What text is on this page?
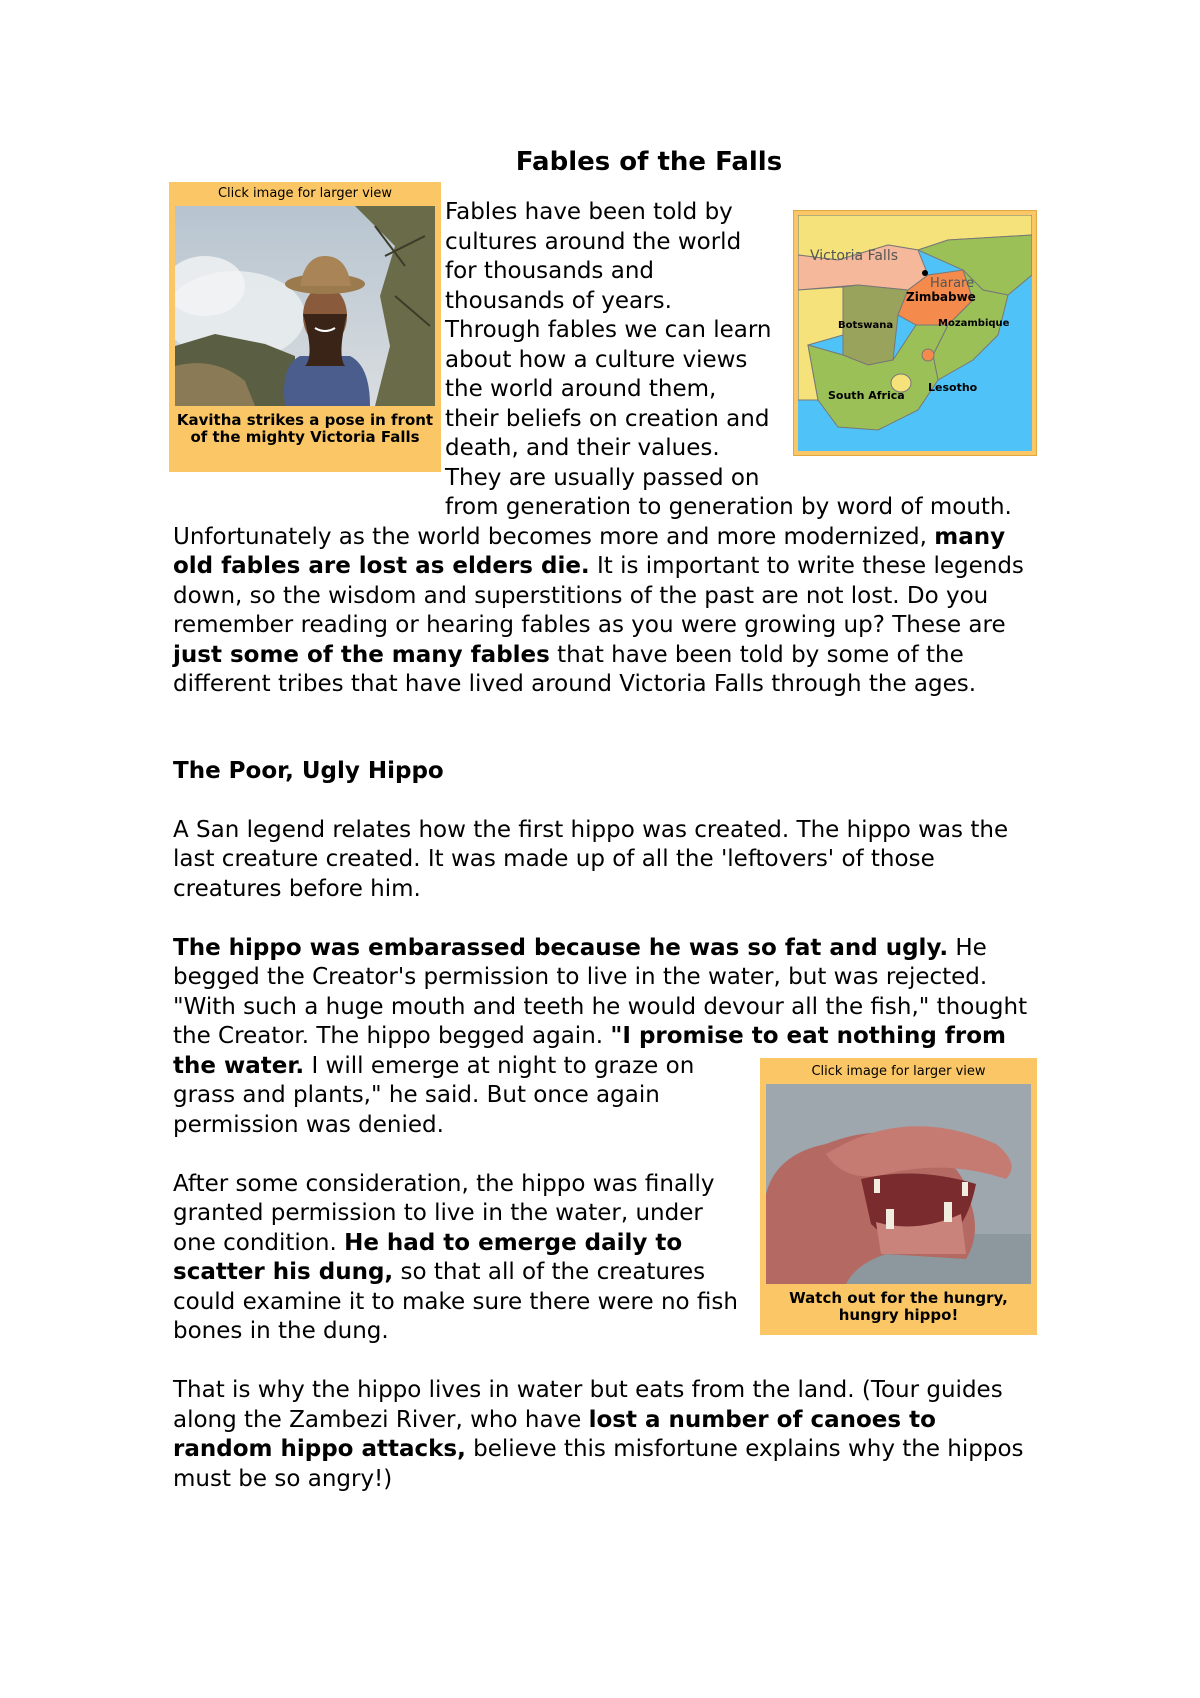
Fables of the Falls
Click image for larger view
Kavitha strikes a pose in front of the mighty Victoria Falls
Victoria Falls
Harare
Zimbabwe
Botswana	Mozambique
South Africa
Lesotho

Fables have been told by cultures around the world for thousands and thousands of years. Through fables we can learn about how a culture views the world around them, their beliefs on creation and death, and their values. They are usually passed on from generation to generation by word of mouth. Unfortunately as the world becomes more and more modernized, many old fables are lost as elders die. It is important to write these legends down, so the wisdom and superstitions of the past are not lost. Do you remember reading or hearing fables as you were growing up? These are just some of the many fables that have been told by some of the different tribes that have lived around Victoria Falls through the ages.

The Poor, Ugly Hippo

A San legend relates how the first hippo was created. The hippo was the last creature created. It was made up of all the 'leftovers' of those creatures before him.

The hippo was embarassed because he was so fat and ugly. He begged the Creator's permission to live in the water, but was rejected. "With such a huge mouth and teeth he would devour all the fish," thought the Creator. The hippo begged again. "I promise to eat nothing from the water.	Click image for larger view
Watch out for the hungry, hungry hippo!
I will emerge at night to graze on grass and plants," he said. But once again permission was denied.

After some consideration, the hippo was finally granted permission to live in the water, under one condition. He had to emerge daily to scatter his dung, so that all of the creatures could examine it to make sure there were no fish bones in the dung.

That is why the hippo lives in water but eats from the land. (Tour guides along the Zambezi River, who have lost a number of canoes to random hippo attacks, believe this misfortune explains why the hippos must be so angry!)
